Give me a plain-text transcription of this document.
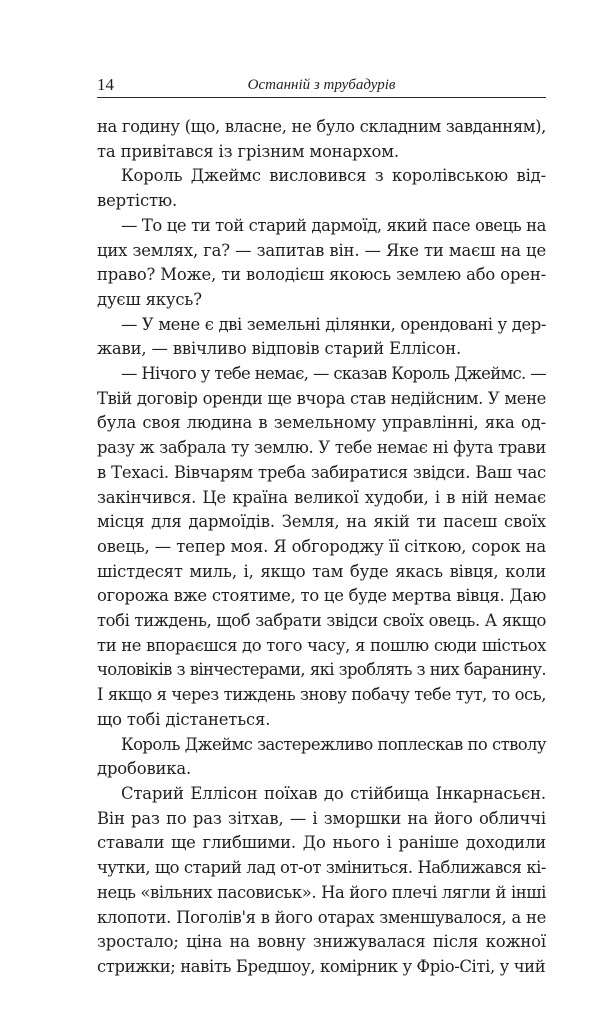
14	Останній з трубадурів
на годину (що, власне, не було складним завданням),
та привітався із грізним монархом.
Король Джеймс висловився з королівською від-
вертістю.
— То це ти той старий дармоїд, який пасе овець на
цих землях, га? — запитав він. — Яке ти маєш на це
право? Може, ти володієш якоюсь землею або орен-
дуєш якусь?
— У мене є дві земельні ділянки, орендовані у дер-
жави, — ввічливо відповів старий Еллісон.
— Нічого у тебе немає, — сказав Король Джеймс. —
Твій договір оренди ще вчора став недійсним. У мене
була своя людина в земельному управлінні, яка од-
разу ж забрала ту землю. У тебе немає ні фута трави
в Техасі. Вівчарям треба забиратися звідси. Ваш час
закінчився. Це країна великої худоби, і в ній немає
місця для дармоїдів. Земля, на якій ти пасеш своїх
овець, — тепер моя. Я обгороджу її сіткою, сорок на
шістдесят миль, і, якщо там буде якась вівця, коли
огорожа вже стоятиме, то це буде мертва вівця. Даю
тобі тиждень, щоб забрати звідси своїх овець. А якщо
ти не впораєшся до того часу, я пошлю сюди шістьох
чоловіків з вінчестерами, які зроблять з них баранину.
І якщо я через тиждень знову побачу тебе тут, то ось,
що тобі дістанеться.
Король Джеймс застережливо поплескав по стволу
дробовика.
Старий Еллісон поїхав до стійбища Інкарнасьєн.
Він раз по раз зітхав, — і зморшки на його обличчі
ставали ще глибшими. До нього і раніше доходили
чутки, що старий лад от-от зміниться. Наближався кі-
нець «вільних пасовиськ». На його плечі лягли й інші
клопоти. Поголів'я в його отарах зменшувалося, а не
зростало; ціна на вовну знижувалася після кожної
стрижки; навіть Бредшоу, комірник у Фріо-Сіті, у чий
